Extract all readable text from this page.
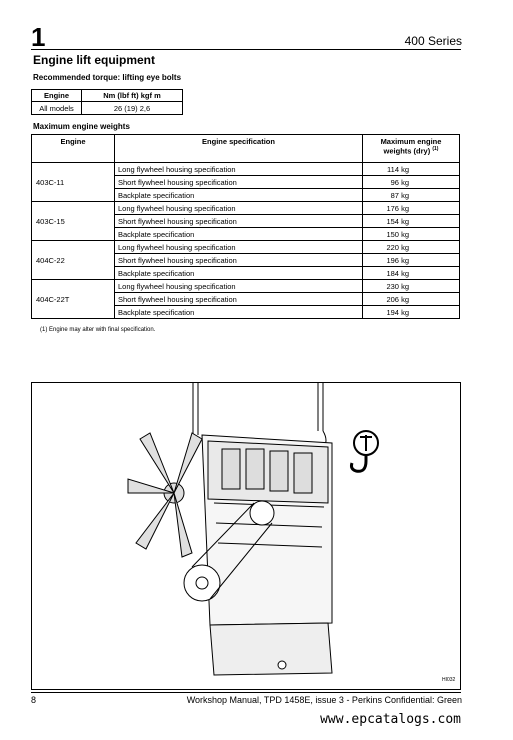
1	400 Series
Engine lift equipment
Recommended torque: lifting eye bolts
Engine	Nm (lbf ft) kgf m
All models	26 (19) 2,6
Maximum engine weights
Engine	Engine specification	Maximum engine weights (dry) $^{(1)}$
403C-11	Long flywheel housing specification	114 kg
	Short flywheel housing specification	96 kg
	Backplate specification	87 kg
403C-15	Long flywheel housing specification	176 kg
	Short flywheel housing specification	154 kg
	Backplate specification	150 kg
404C-22	Long flywheel housing specification	220 kg
	Short flywheel housing specification	196 kg
	Backplate specification	184 kg
404C-22T	Long flywheel housing specification	230 kg
	Short flywheel housing specification	206 kg
	Backplate specification	194 kg
(1) Engine may alter with final specification.
HI032
8	Workshop Manual, TPD 1458E, issue 3 - Perkins Confidential: Green
www.epcatalogs.com
